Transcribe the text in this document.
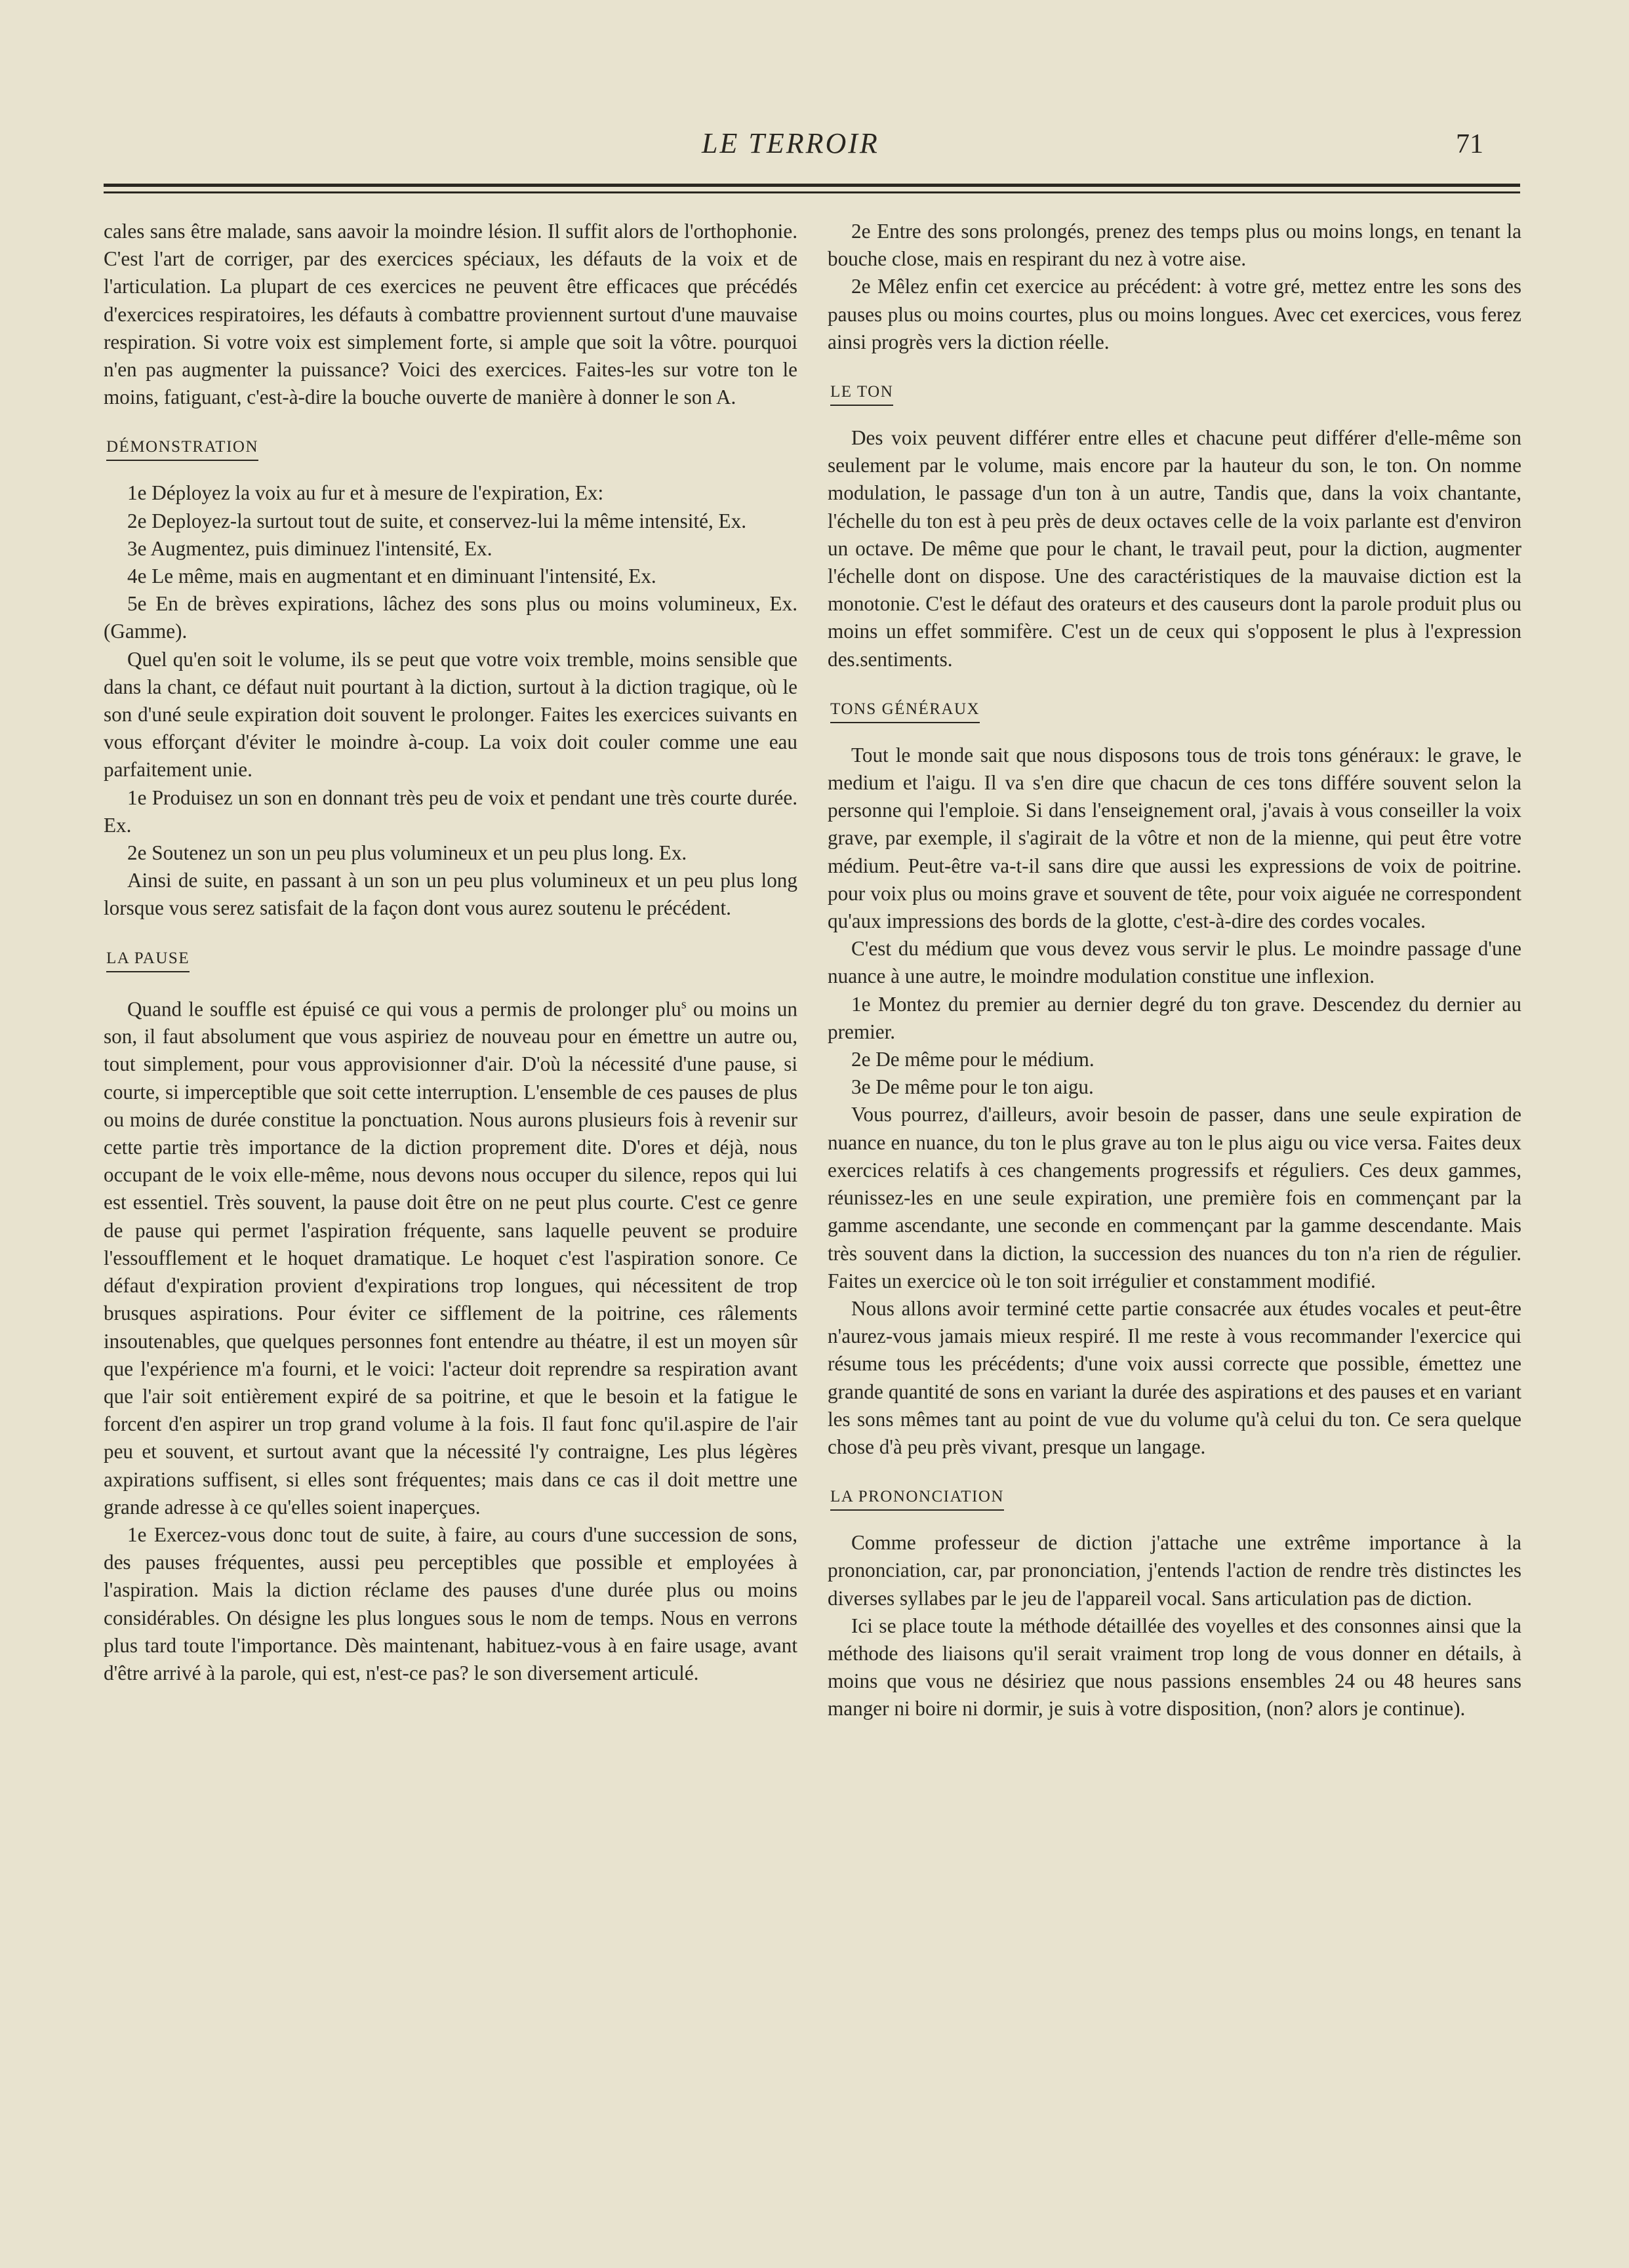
LE TERROIR	71

cales sans être malade, sans aavoir la moindre lésion. Il suffit alors de l'orthophonie. C'est l'art de corriger, par des exercices spéciaux, les défauts de la voix et de l'articulation. La plupart de ces exercices ne peuvent être efficaces que précédés d'exercices respiratoires, les défauts à combattre proviennent surtout d'une mauvaise respiration. Si votre voix est simplement forte, si ample que soit la vôtre. pourquoi n'en pas augmenter la puissance? Voici des exercices. Faites-les sur votre ton le moins, fatiguant, c'est-à-dire la bouche ouverte de manière à donner le son A.

DÉMONSTRATION

1e Déployez la voix au fur et à mesure de l'expiration, Ex:

2e Deployez-la surtout tout de suite, et conservez-lui la même intensité, Ex.

3e Augmentez, puis diminuez l'intensité, Ex.

4e Le même, mais en augmentant et en diminuant l'intensité, Ex.

5e En de brèves expirations, lâchez des sons plus ou moins volumineux, Ex. (Gamme).

Quel qu'en soit le volume, ils se peut que votre voix tremble, moins sensible que dans la chant, ce défaut nuit pourtant à la diction, surtout à la diction tragique, où le son d'uné seule expiration doit souvent le prolonger. Faites les exercices suivants en vous efforçant d'éviter le moindre à-coup. La voix doit couler comme une eau parfaitement unie.

1e Produisez un son en donnant très peu de voix et pendant une très courte durée. Ex.

2e Soutenez un son un peu plus volumineux et un peu plus long. Ex.

Ainsi de suite, en passant à un son un peu plus volumineux et un peu plus long lorsque vous serez satisfait de la façon dont vous aurez soutenu le précédent.

LA PAUSE

Quand le souffle est épuisé ce qui vous a permis de prolonger plu$^s$ ou moins un son, il faut absolument que vous aspiriez de nouveau pour en émettre un autre ou, tout simplement, pour vous approvisionner d'air. D'où la nécessité d'une pause, si courte, si imperceptible que soit cette interruption. L'ensemble de ces pauses de plus ou moins de durée constitue la ponctuation. Nous aurons plusieurs fois à revenir sur cette partie très importance de la diction proprement dite. D'ores et déjà, nous occupant de le voix elle-même, nous devons nous occuper du silence, repos qui lui est essentiel. Très souvent, la pause doit être on ne peut plus courte. C'est ce genre de pause qui permet l'aspiration fréquente, sans laquelle peuvent se produire l'essoufflement et le hoquet dramatique. Le hoquet c'est l'aspiration sonore. Ce défaut d'expiration provient d'expirations trop longues, qui nécessitent de trop brusques aspirations. Pour éviter ce sifflement de la poitrine, ces râlements insoutenables, que quelques personnes font entendre au théatre, il est un moyen sûr que l'expérience m'a fourni, et le voici: l'acteur doit reprendre sa respiration avant que l'air soit entièrement expiré de sa poitrine, et que le besoin et la fatigue le forcent d'en aspirer un trop grand volume à la fois. Il faut fonc qu'il.aspire de l'air peu et souvent, et surtout avant que la nécessité l'y contraigne, Les plus légères axpirations suffisent, si elles sont fréquentes; mais dans ce cas il doit mettre une grande adresse à ce qu'elles soient inaperçues.

1e Exercez-vous donc tout de suite, à faire, au cours d'une succession de sons, des pauses fréquentes, aussi peu perceptibles que possible et employées à l'aspiration. Mais la diction réclame des pauses d'une durée plus ou moins considérables. On désigne les plus longues sous le nom de temps. Nous en verrons plus tard toute l'importance. Dès maintenant, habituez-vous à en faire usage, avant d'être arrivé à la parole, qui est, n'est-ce pas? le son diversement articulé.

2e Entre des sons prolongés, prenez des temps plus ou moins longs, en tenant la bouche close, mais en respirant du nez à votre aise.

2e Mêlez enfin cet exercice au précédent: à votre gré, mettez entre les sons des pauses plus ou moins courtes, plus ou moins longues. Avec cet exercices, vous ferez ainsi progrès vers la diction réelle.

LE TON

Des voix peuvent différer entre elles et chacune peut différer d'elle-même son seulement par le volume, mais encore par la hauteur du son, le ton. On nomme modulation, le passage d'un ton à un autre, Tandis que, dans la voix chantante, l'échelle du ton est à peu près de deux octaves celle de la voix parlante est d'environ un octave. De même que pour le chant, le travail peut, pour la diction, augmenter l'échelle dont on dispose. Une des caractéristiques de la mauvaise diction est la monotonie. C'est le défaut des orateurs et des causeurs dont la parole produit plus ou moins un effet sommifère. C'est un de ceux qui s'opposent le plus à l'expression des.sentiments.

TONS GÉNÉRAUX

Tout le monde sait que nous disposons tous de trois tons généraux: le grave, le medium et l'aigu. Il va s'en dire que chacun de ces tons différe souvent selon la personne qui l'emploie. Si dans l'enseignement oral, j'avais à vous conseiller la voix grave, par exemple, il s'agirait de la vôtre et non de la mienne, qui peut être votre médium. Peut-être va-t-il sans dire que aussi les expressions de voix de poitrine. pour voix plus ou moins grave et souvent de tête, pour voix aiguée ne correspondent qu'aux impressions des bords de la glotte, c'est-à-dire des cordes vocales.

C'est du médium que vous devez vous servir le plus. Le moindre passage d'une nuance à une autre, le moindre modulation constitue une inflexion.

1e Montez du premier au dernier degré du ton grave. Descendez du dernier au premier.

2e De même pour le médium.

3e De même pour le ton aigu.

Vous pourrez, d'ailleurs, avoir besoin de passer, dans une seule expiration de nuance en nuance, du ton le plus grave au ton le plus aigu ou vice versa. Faites deux exercices relatifs à ces changements progressifs et réguliers. Ces deux gammes, réunissez-les en une seule expiration, une première fois en commençant par la gamme ascendante, une seconde en commençant par la gamme descendante. Mais très souvent dans la diction, la succession des nuances du ton n'a rien de régulier. Faites un exercice où le ton soit irrégulier et constamment modifié.

Nous allons avoir terminé cette partie consacrée aux études vocales et peut-être n'aurez-vous jamais mieux respiré. Il me reste à vous recommander l'exercice qui résume tous les précédents; d'une voix aussi correcte que possible, émettez une grande quantité de sons en variant la durée des aspirations et des pauses et en variant les sons mêmes tant au point de vue du volume qu'à celui du ton. Ce sera quelque chose d'à peu près vivant, presque un langage.

LA PRONONCIATION

Comme professeur de diction j'attache une extrême importance à la prononciation, car, par prononciation, j'entends l'action de rendre très distinctes les diverses syllabes par le jeu de l'appareil vocal. Sans articulation pas de diction.

Ici se place toute la méthode détaillée des voyelles et des consonnes ainsi que la méthode des liaisons qu'il serait vraiment trop long de vous donner en détails, à moins que vous ne désiriez que nous passions ensembles 24 ou 48 heures sans manger ni boire ni dormir, je suis à votre disposition, (non? alors je continue).
